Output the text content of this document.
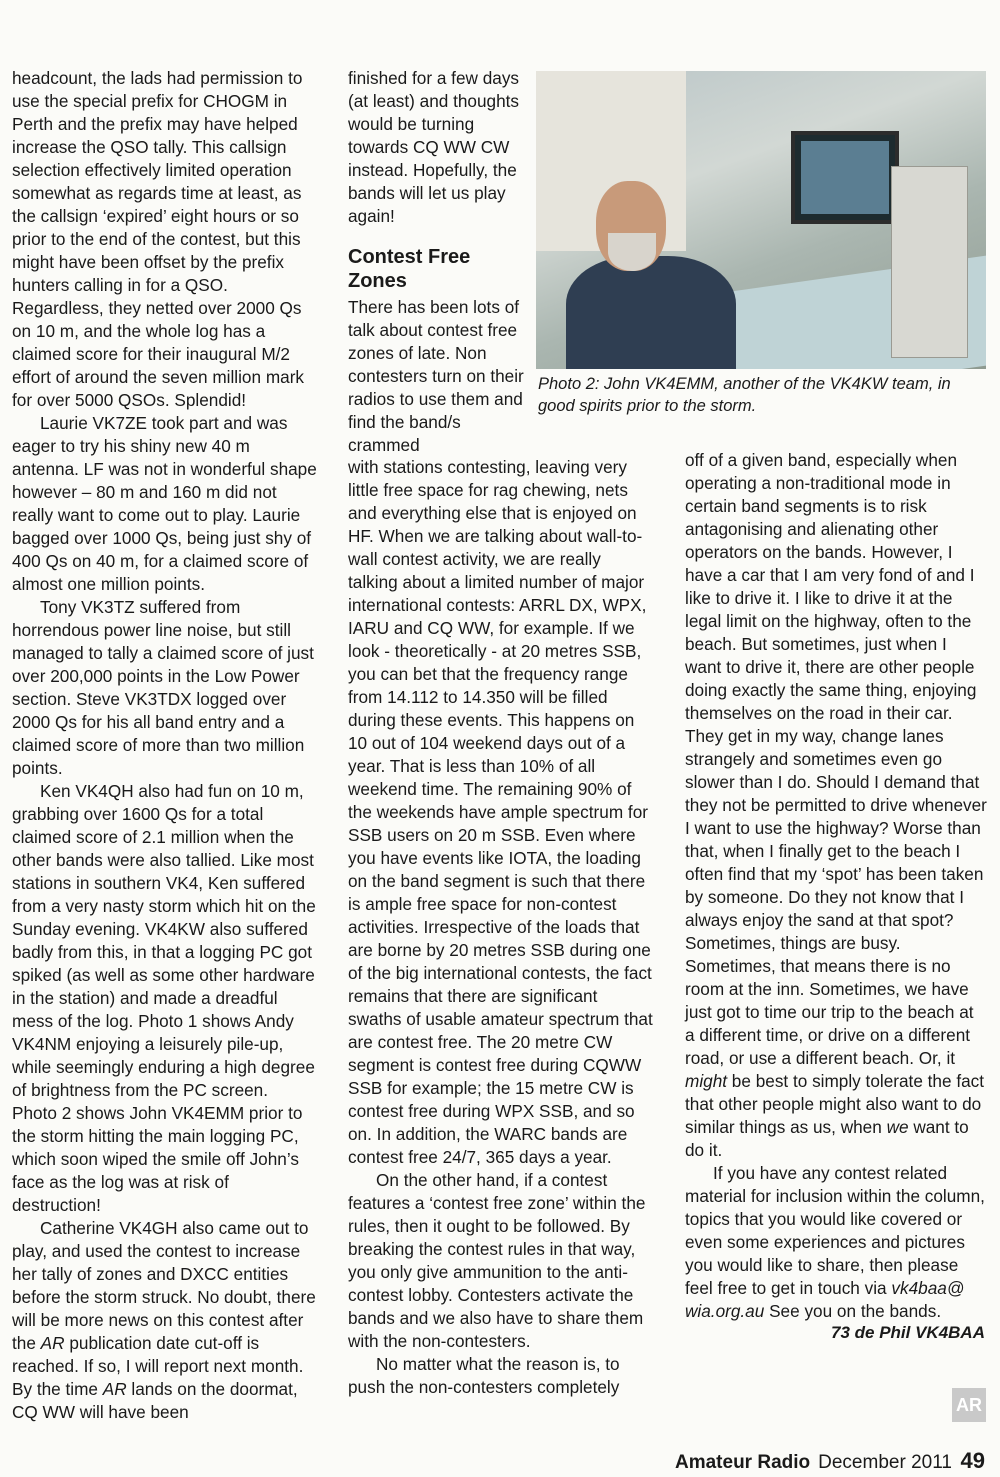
headcount, the lads had permission to use the special prefix for CHOGM in Perth and the prefix may have helped increase the QSO tally. This callsign selection effectively limited operation somewhat as regards time at least, as the callsign ‘expired’ eight hours or so prior to the end of the contest, but this might have been offset by the prefix hunters calling in for a QSO. Regardless, they netted over 2000 Qs on 10 m, and the whole log has a claimed score for their inaugural M/2 effort of around the seven million mark for over 5000 QSOs. Splendid!

Laurie VK7ZE took part and was eager to try his shiny new 40 m antenna. LF was not in wonderful shape however – 80 m and 160 m did not really want to come out to play. Laurie bagged over 1000 Qs, being just shy of 400 Qs on 40 m, for a claimed score of almost one million points.

Tony VK3TZ suffered from horrendous power line noise, but still managed to tally a claimed score of just over 200,000 points in the Low Power section. Steve VK3TDX logged over 2000 Qs for his all band entry and a claimed score of more than two million points.

Ken VK4QH also had fun on 10 m, grabbing over 1600 Qs for a total claimed score of 2.1 million when the other bands were also tallied. Like most stations in southern VK4, Ken suffered from a very nasty storm which hit on the Sunday evening. VK4KW also suffered badly from this, in that a logging PC got spiked (as well as some other hardware in the station) and made a dreadful mess of the log. Photo 1 shows Andy VK4NM enjoying a leisurely pile-up, while seemingly enduring a high degree of brightness from the PC screen. Photo 2 shows John VK4EMM prior to the storm hitting the main logging PC, which soon wiped the smile off John’s face as the log was at risk of destruction!

Catherine VK4GH also came out to play, and used the contest to increase her tally of zones and DXCC entities before the storm struck. No doubt, there will be more news on this contest after the AR publication date cut-off is reached. If so, I will report next month. By the time AR lands on the doormat, CQ WW will have been

finished for a few days (at least) and thoughts would be turning towards CQ WW CW instead. Hopefully, the bands will let us play again!

Contest Free Zones

There has been lots of talk about contest free zones of late. Non contesters turn on their radios to use them and find the band/s crammed

with stations contesting, leaving very little free space for rag chewing, nets and everything else that is enjoyed on HF. When we are talking about wall-to-wall contest activity, we are really talking about a limited number of major international contests: ARRL DX, WPX, IARU and CQ WW, for example. If we look - theoretically - at 20 metres SSB, you can bet that the frequency range from 14.112 to 14.350 will be filled during these events. This happens on 10 out of 104 weekend days out of a year. That is less than 10% of all weekend time. The remaining 90% of the weekends have ample spectrum for SSB users on 20 m SSB. Even where you have events like IOTA, the loading on the band segment is such that there is ample free space for non-contest activities. Irrespective of the loads that are borne by 20 metres SSB during one of the big international contests, the fact remains that there are significant swaths of usable amateur spectrum that are contest free. The 20 metre CW segment is contest free during CQWW SSB for example; the 15 metre CW is contest free during WPX SSB, and so on. In addition, the WARC bands are contest free 24/7, 365 days a year.

On the other hand, if a contest features a ‘contest free zone’ within the rules, then it ought to be followed. By breaking the contest rules in that way, you only give ammunition to the anti-contest lobby. Contesters activate the bands and we also have to share them with the non-contesters.

No matter what the reason is, to push the non-contesters completely

Photo 2: John VK4EMM, another of the VK4KW team, in good spirits prior to the storm.

off of a given band, especially when operating a non-traditional mode in certain band segments is to risk antagonising and alienating other operators on the bands. However, I have a car that I am very fond of and I like to drive it. I like to drive it at the legal limit on the highway, often to the beach. But sometimes, just when I want to drive it, there are other people doing exactly the same thing, enjoying themselves on the road in their car. They get in my way, change lanes strangely and sometimes even go slower than I do. Should I demand that they not be permitted to drive whenever I want to use the highway? Worse than that, when I finally get to the beach I often find that my ‘spot’ has been taken by someone. Do they not know that I always enjoy the sand at that spot? Sometimes, things are busy. Sometimes, that means there is no room at the inn. Sometimes, we have just got to time our trip to the beach at a different time, or drive on a different road, or use a different beach. Or, it might be best to simply tolerate the fact that other people might also want to do similar things as us, when we want to do it.

If you have any contest related material for inclusion within the column, topics that you would like covered or even some experiences and pictures you would like to share, then please feel free to get in touch via vk4baa@ wia.org.au See you on the bands.

73 de Phil VK4BAA
AR
Amateur Radio December 2011 49
